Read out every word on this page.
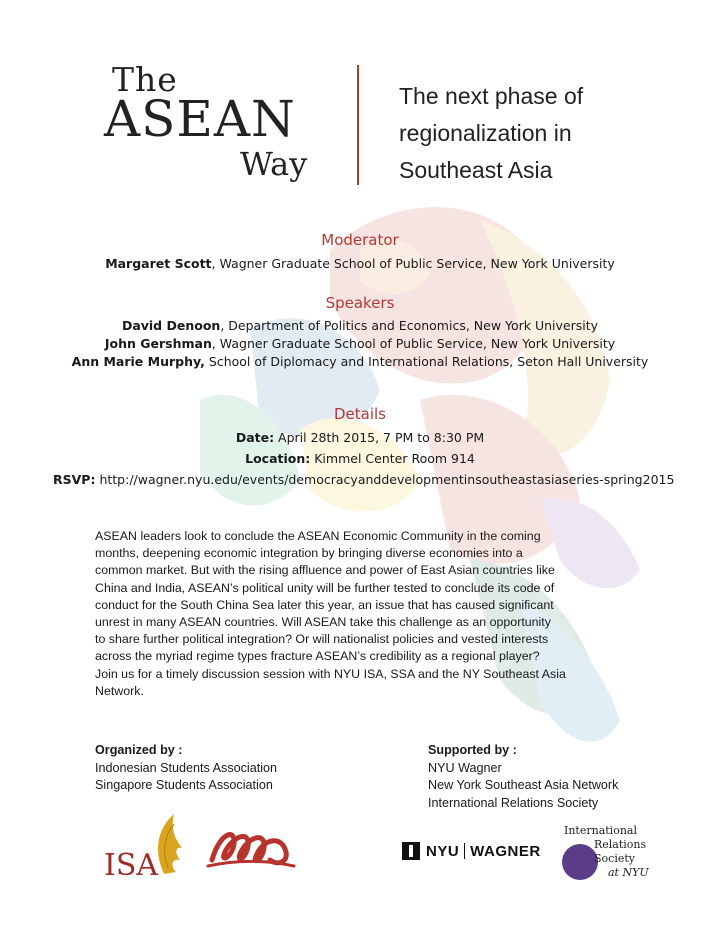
The
ASEAN
Way
The next phase of
regionalization in
Southeast Asia
Moderator
Margaret Scott, Wagner Graduate School of Public Service, New York University
Speakers
David Denoon, Department of Politics and Economics, New York University
John Gershman, Wagner Graduate School of Public Service, New York University
Ann Marie Murphy, School of Diplomacy and International Relations, Seton Hall University
Details
Date: April 28th 2015, 7 PM to 8:30 PM
Location: Kimmel Center Room 914
RSVP: http://wagner.nyu.edu/events/democracyanddevelopmentinsoutheastasiaseries-spring2015
ASEAN leaders look to conclude the ASEAN Economic Community in the coming
months, deepening economic integration by bringing diverse economies into a
common market. But with the rising affluence and power of East Asian countries like
China and India, ASEAN’s political unity will be further tested to conclude its code of
conduct for the South China Sea later this year, an issue that has caused significant
unrest in many ASEAN countries. Will ASEAN take this challenge as an opportunity
to share further political integration? Or will nationalist policies and vested interests
across the myriad regime types fracture ASEAN’s credibility as a regional player?
Join us for a timely discussion session with NYU ISA, SSA and the NY Southeast Asia
Network.
Organized by :
Indonesian Students Association
Singapore Students Association
Supported by :
NYU Wagner
New York Southeast Asia Network
International Relations Society
ISA	NYU WAGNER
International
Relations
Society
at NYU
